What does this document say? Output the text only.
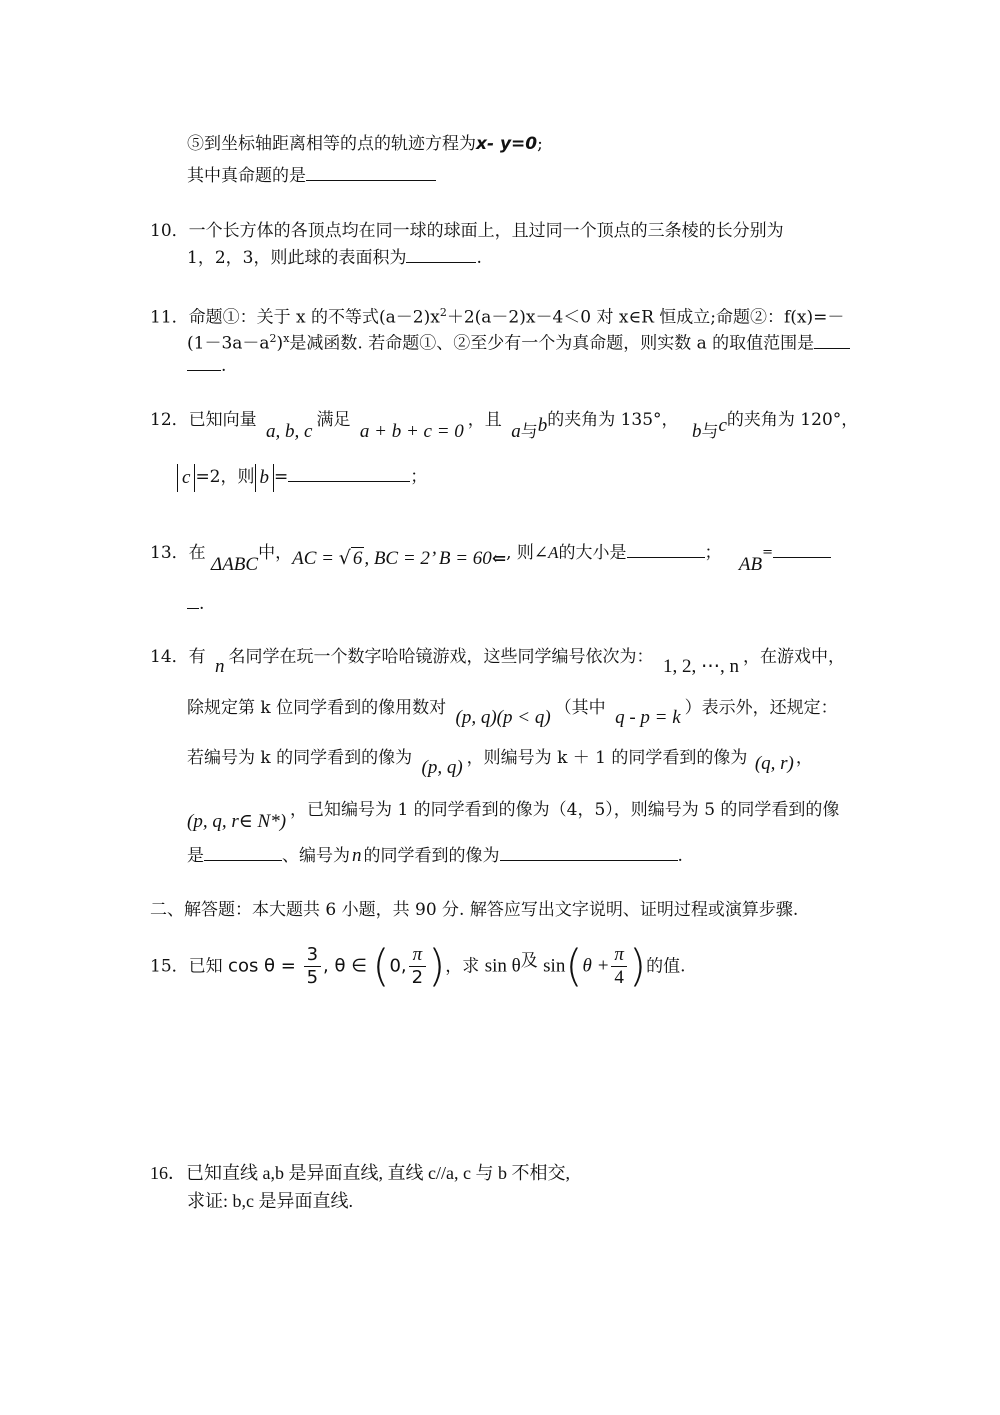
⑤到坐标轴距离相等的点的轨迹方程为x- y=0;
其中真命题的是
10．一个长方体的各顶点均在同一球的球面上，且过同一个顶点的三条棱的长分别为
1，2，3，则此球的表面积为	.
11．命题①：关于 x 的不等式$(a-2)x^2+2(a-2)x-4<0$ 对 x∈R 恒成立;命题②：f(x)=－
$(1-3a-a^2)^x$是减函数. 若命题①、②至少有一个为真命题，则实数 a 的取值范围是
.
12．已知向量 a, b, c满足 a + b + c = 0，且 a与b的夹角为 135°， b与c的夹角为 120°，
c =2，则 b =	；
13．在 ΔABC中，AC = √ 6 , BC = 2’ B = 60⇐, 则∠A的大小是	； AB=
.
14．有 n 名同学在玩一个数字哈哈镜游戏，这些同学编号依次为： 1, 2, ⋯, n ，在游戏中，
除规定第 k 位同学看到的像用数对 (p, q)(p < q) （其中 q - p = k ）表示外，还规定：
若编号为 k 的同学看到的像为 (p, q) ，则编号为 k ＋ 1 的同学看到的像为 (q, r) ，
(p, q, r∈ N*)，已知编号为 1 的同学看到的像为（4，5），则编号为 5 的同学看到的像
是	、编号为 n 的同学看到的像为	.
二、解答题：本大题共 6 小题，共 90 分. 解答应写出文字说明、证明过程或演算步骤.
15．已知 $\cos \theta = \frac{3}{5}$ , θ ∈ (0, $\frac{\pi}{2}$ )，求 sin θ及 $\sin(\theta + \frac{\pi}{4}$ )的值.
16．已知直线 a,b 是异面直线, 直线 c//a, c 与 b 不相交,
求证: b,c 是异面直线.
